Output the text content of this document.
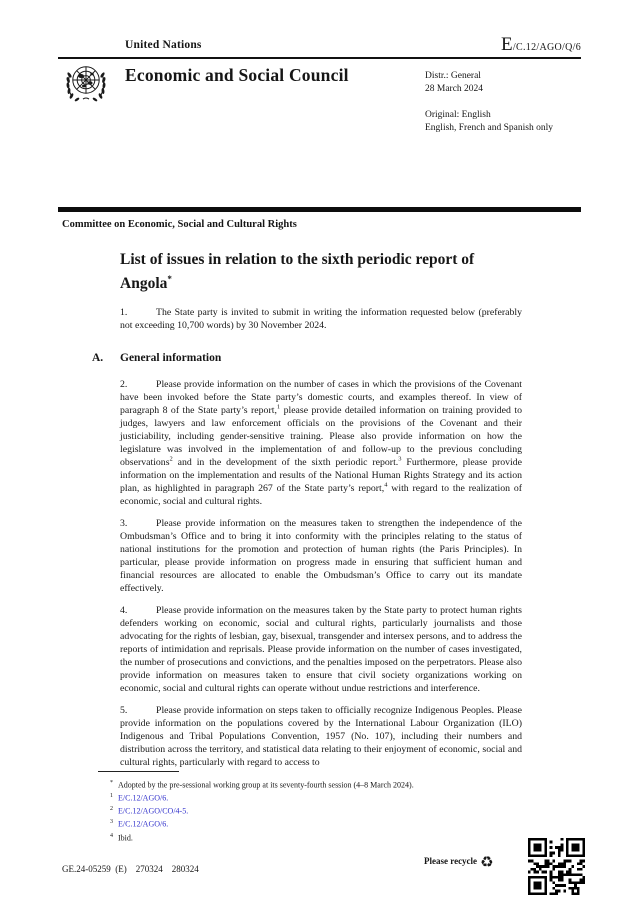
United Nations	E/C.12/AGO/Q/6
Economic and Social Council	Distr.: General
28 March 2024
Original: English
English, French and Spanish only
Committee on Economic, Social and Cultural Rights
List of issues in relation to the sixth periodic report of
Angola*
1.	The State party is invited to submit in writing the information requested below (preferably not exceeding 10,700 words) by 30 November 2024.
A. General information
2.	Please provide information on the number of cases in which the provisions of the Covenant have been invoked before the State party’s domestic courts, and examples thereof. In view of paragraph 8 of the State party’s report,$^1$ please provide detailed information on training provided to judges, lawyers and law enforcement officials on the provisions of the Covenant and their justiciability, including gender-sensitive training. Please also provide information on how the legislature was involved in the implementation of and follow-up to the previous concluding observations$^2$ and in the development of the sixth periodic report.$^3$ Furthermore, please provide information on the implementation and results of the National Human Rights Strategy and its action plan, as highlighted in paragraph 267 of the State party’s report,$^4$ with regard to the realization of economic, social and cultural rights.
3.	Please provide information on the measures taken to strengthen the independence of the Ombudsman’s Office and to bring it into conformity with the principles relating to the status of national institutions for the promotion and protection of human rights (the Paris Principles). In particular, please provide information on progress made in ensuring that sufficient human and financial resources are allocated to enable the Ombudsman’s Office to carry out its mandate effectively.
4.	Please provide information on the measures taken by the State party to protect human rights defenders working on economic, social and cultural rights, particularly journalists and those advocating for the rights of lesbian, gay, bisexual, transgender and intersex persons, and to address the reports of intimidation and reprisals. Please provide information on the number of cases investigated, the number of prosecutions and convictions, and the penalties imposed on the perpetrators. Please also provide information on measures taken to ensure that civil society organizations working on economic, social and cultural rights can operate without undue restrictions and interference.
5.	Please provide information on steps taken to officially recognize Indigenous Peoples. Please provide information on the populations covered by the International Labour Organization (ILO) Indigenous and Tribal Populations Convention, 1957 (No. 107), including their numbers and distribution across the territory, and statistical data relating to their enjoyment of economic, social and cultural rights, particularly with regard to access to
* Adopted by the pre-sessional working group at its seventy-fourth session (4–8 March 2024).
$^1$ E/C.12/AGO/6.
$^2$ E/C.12/AGO/CO/4-5.
$^3$ E/C.12/AGO/6.
$^4$ Ibid.
GE.24-05259  (E)    270324    280324
Please recycle ♻
